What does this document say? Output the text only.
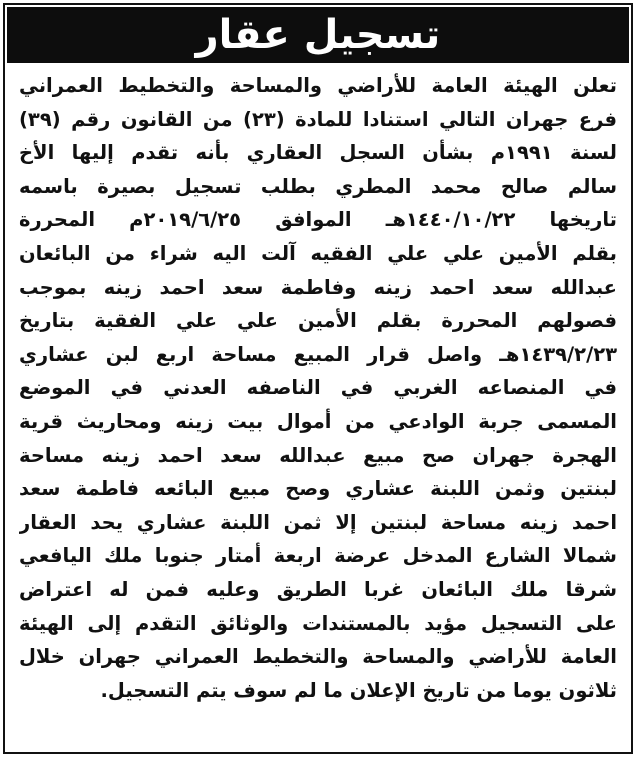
تسجيل عقار
تعلن الهيئة العامة للأراضي والمساحة والتخطيط العمراني
فرع جهران التالي استنادا للمادة (٢٣) من القانون رقم (٣٩)
لسنة ١٩٩١م بشأن السجل العقاري بأنه تقدم إليها الأخ
سالم صالح محمد المطري بطلب تسجيل بصيرة باسمه
تاريخها ١٤٤٠/١٠/٢٢هـ الموافق ٢٠١٩/٦/٢٥م المحررة
بقلم الأمين علي علي الفقيه آلت اليه شراء من البائعان
عبدالله سعد احمد زينه وفاطمة سعد احمد زينه بموجب
فصولهم المحررة بقلم الأمين علي علي الفقية بتاريخ
١٤٣٩/٢/٢٣هـ واصل قرار المبيع مساحة اربع لبن عشاري
في المنصاعه الغربي في الناصفه العدني في الموضع
المسمى جربة الوادعي من أموال بيت زينه ومحاريث قرية
الهجرة جهران صح مبيع عبدالله سعد احمد زينه مساحة
لبنتين وثمن اللبنة عشاري وصح مبيع البائعه فاطمة سعد
احمد زينه مساحة لبنتين إلا ثمن اللبنة عشاري يحد العقار
شمالا الشارع المدخل عرضة اربعة أمتار جنوبا ملك اليافعي
شرقا ملك البائعان غربا الطريق وعليه فمن له اعتراض
على التسجيل مؤيد بالمستندات والوثائق التقدم إلى الهيئة
العامة للأراضي والمساحة والتخطيط العمراني جهران خلال
ثلاثون يوما من تاريخ الإعلان ما لم سوف يتم التسجيل.
